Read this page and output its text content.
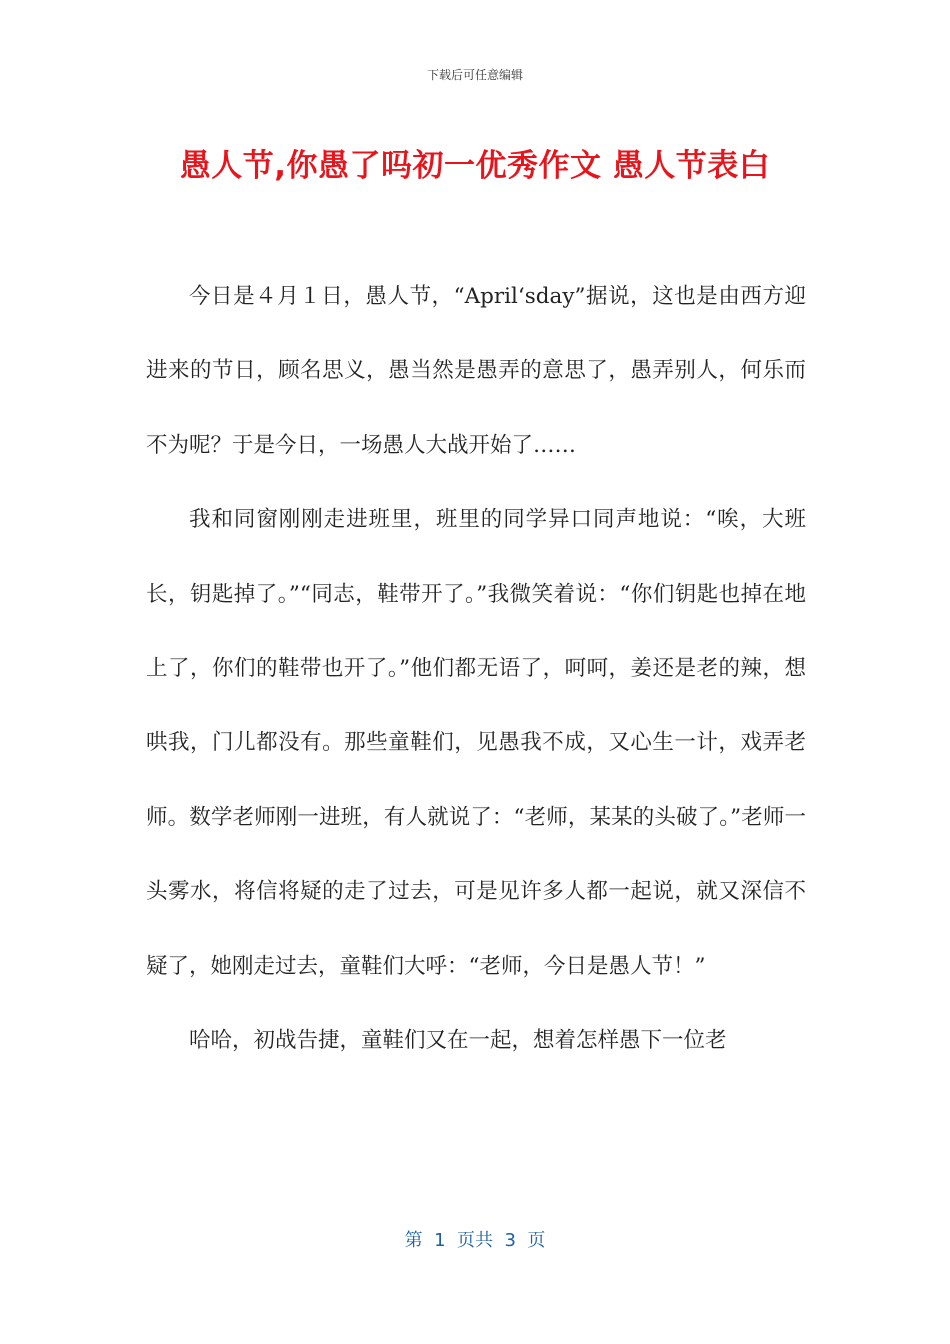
下载后可任意编辑
愚人节,你愚了吗初一优秀作文 愚人节表白

今日是４月１日，愚人节，“April‘sday”据说，这也是由西方迎进来的节日，顾名思义，愚当然是愚弄的意思了，愚弄别人，何乐而不为呢？于是今日，一场愚人大战开始了……

我和同窗刚刚走进班里，班里的同学异口同声地说：“唉，大班长，钥匙掉了。”“同志，鞋带开了。”我微笑着说：“你们钥匙也掉在地上了，你们的鞋带也开了。”他们都无语了，呵呵，姜还是老的辣，想哄我，门儿都没有。那些童鞋们，见愚我不成，又心生一计，戏弄老师。数学老师刚一进班，有人就说了：“老师，某某的头破了。”老师一头雾水，将信将疑的走了过去，可是见许多人都一起说，就又深信不疑了，她刚走过去，童鞋们大呼：“老师，今日是愚人节！”

哈哈，初战告捷，童鞋们又在一起，想着怎样愚下一位老

第  1  页共  3  页
